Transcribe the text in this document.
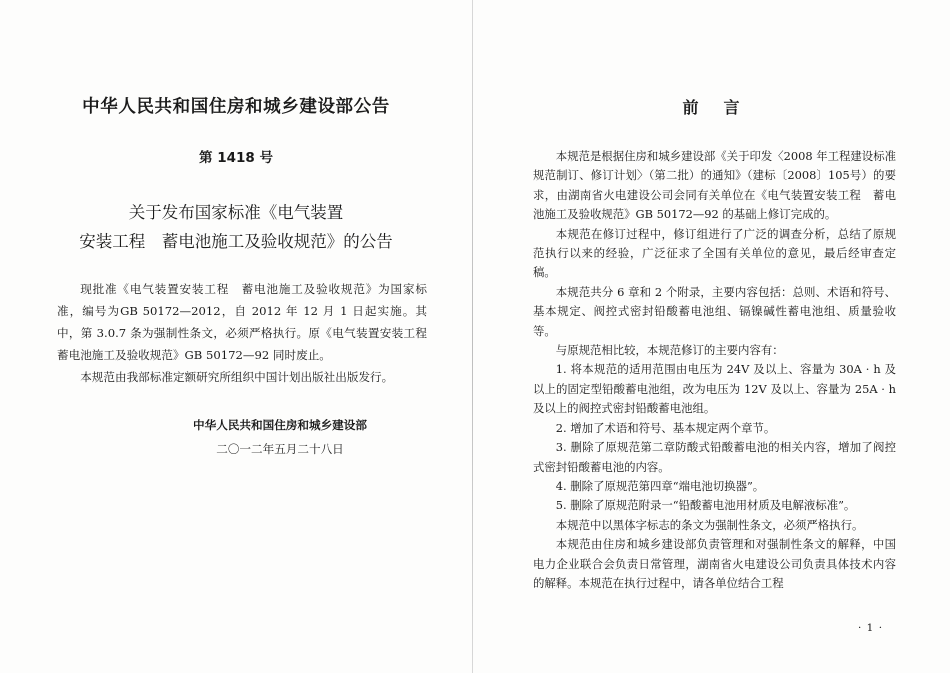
中华人民共和国住房和城乡建设部公告
第 1418 号
关于发布国家标准《电气装置
安装工程　蓄电池施工及验收规范》的公告

现批准《电气装置安装工程　蓄电池施工及验收规范》为国家标准，编号为GB 50172—2012，自 2012 年 12 月 1 日起实施。其中，第 3.0.7 条为强制性条文，必须严格执行。原《电气装置安装工程　蓄电池施工及验收规范》GB 50172—92 同时废止。

本规范由我部标准定额研究所组织中国计划出版社出版发行。

中华人民共和国住房和城乡建设部
二〇一二年五月二十八日
前 言

本规范是根据住房和城乡建设部《关于印发〈2008 年工程建设标准规范制订、修订计划〉（第二批）的通知》（建标〔2008〕105号）的要求，由湖南省火电建设公司会同有关单位在《电气装置安装工程　蓄电池施工及验收规范》GB 50172—92 的基础上修订完成的。

本规范在修订过程中，修订组进行了广泛的调查分析，总结了原规范执行以来的经验，广泛征求了全国有关单位的意见，最后经审查定稿。

本规范共分 6 章和 2 个附录，主要内容包括：总则、术语和符号、基本规定、阀控式密封铅酸蓄电池组、镉镍碱性蓄电池组、质量验收等。

与原规范相比较，本规范修订的主要内容有：

1. 将本规范的适用范围由电压为 24V 及以上、容量为 30A · h 及以上的固定型铅酸蓄电池组，改为电压为 12V 及以上、容量为 25A · h 及以上的阀控式密封铅酸蓄电池组。

2. 增加了术语和符号、基本规定两个章节。

3. 删除了原规范第二章防酸式铅酸蓄电池的相关内容，增加了阀控式密封铅酸蓄电池的内容。

4. 删除了原规范第四章“端电池切换器”。

5. 删除了原规范附录一“铅酸蓄电池用材质及电解液标准”。

本规范中以黑体字标志的条文为强制性条文，必须严格执行。

本规范由住房和城乡建设部负责管理和对强制性条文的解释，中国电力企业联合会负责日常管理，湖南省火电建设公司负责具体技术内容的解释。本规范在执行过程中，请各单位结合工程

· 1 ·
